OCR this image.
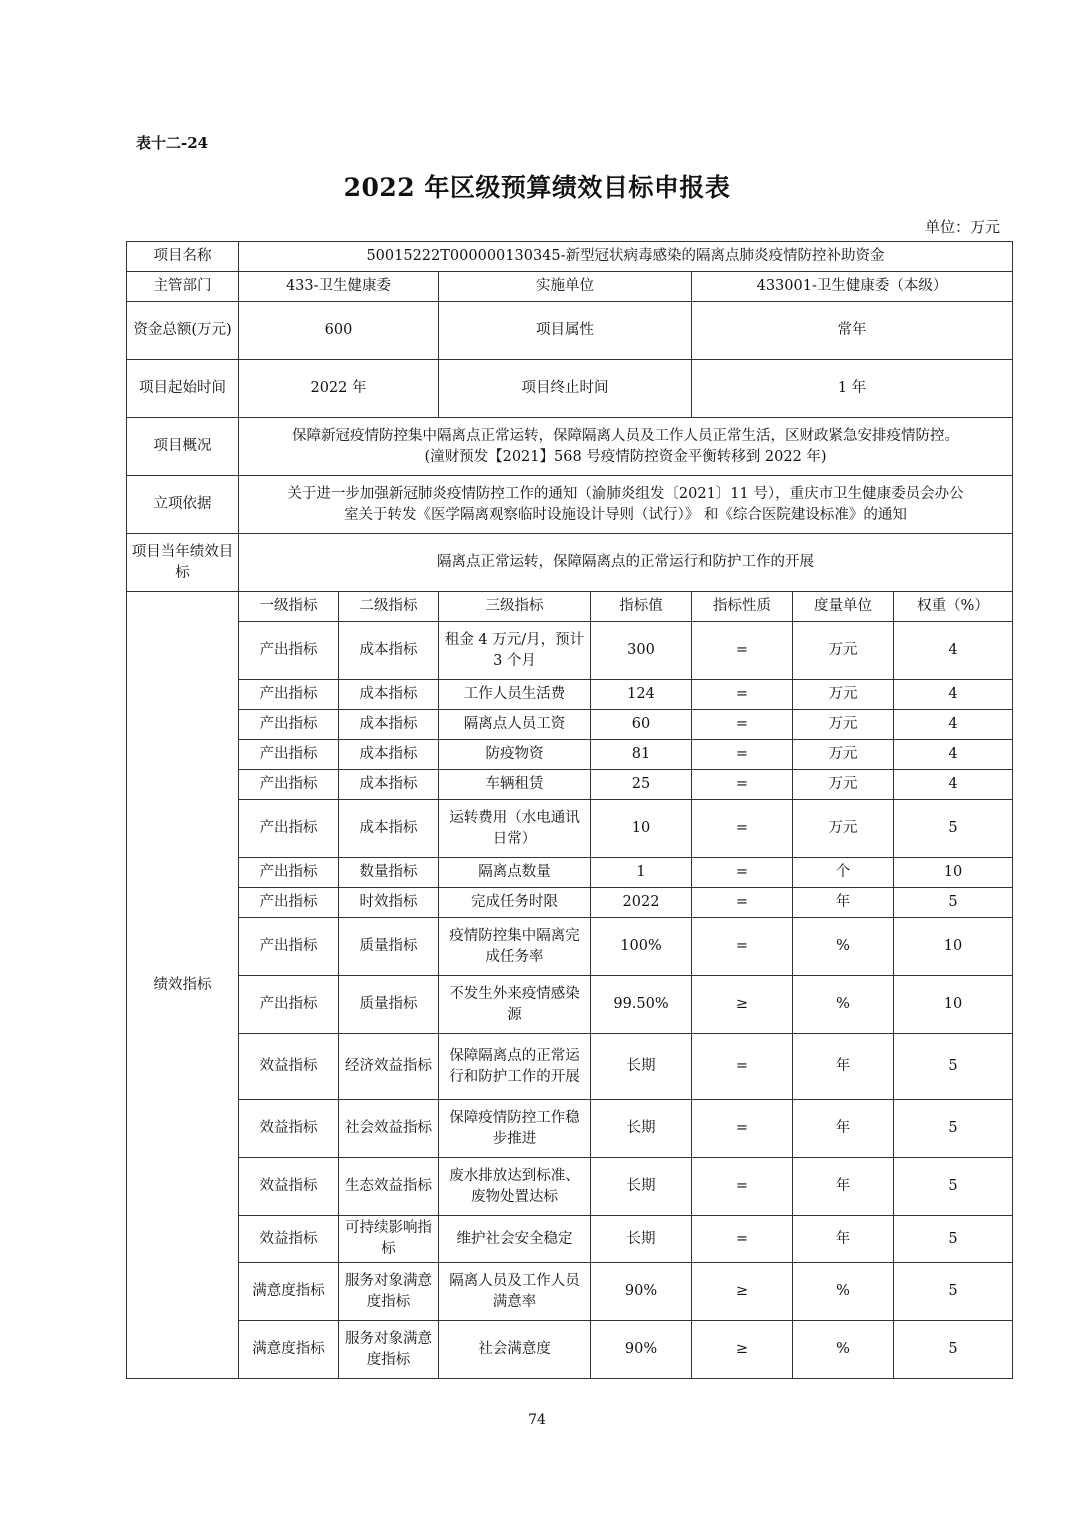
表十二-24
2022 年区级预算绩效目标申报表
单位：万元
项目名称	50015222T000000130345-新型冠状病毒感染的隔离点肺炎疫情防控补助资金						
主管部门	433-卫生健康委		实施单位		433001-卫生健康委（本级）		
资金总额(万元)	600		项目属性		常年		
项目起始时间	2022 年		项目终止时间		1 年		
项目概况	保障新冠疫情防控集中隔离点正常运转，保障隔离人员及工作人员正常生活，区财政紧急安排疫情防控。
(潼财预发【2021】568 号疫情防控资金平衡转移到 2022 年)						

立项依据	关于进一步加强新冠肺炎疫情防控工作的通知（渝肺炎组发〔2021〕11 号），重庆市卫生健康委员会办公
室关于转发《医学隔离观察临时设施设计导则（试行）》 和《综合医院建设标准》的通知						

项目当年绩效目标	隔离点正常运转，保障隔离点的正常运行和防护工作的开展						
绩效指标	一级指标	二级指标	三级指标	指标值	指标性质	度量单位	权重（%）
	产出指标	成本指标	租金 4 万元/月，预计 3 个月	300	=	万元	4
	产出指标	成本指标	工作人员生活费	124	=	万元	4
	产出指标	成本指标	隔离点人员工资	60	=	万元	4
	产出指标	成本指标	防疫物资	81	=	万元	4
	产出指标	成本指标	车辆租赁	25	=	万元	4
	产出指标	成本指标	运转费用（水电通讯日常）	10	=	万元	5
	产出指标	数量指标	隔离点数量	1	=	个	10
	产出指标	时效指标	完成任务时限	2022	=	年	5
	产出指标	质量指标	疫情防控集中隔离完成任务率	100%	=	%	10
	产出指标	质量指标	不发生外来疫情感染源	99.50%	≥	%	10
	效益指标	经济效益指标	保障隔离点的正常运行和防护工作的开展	长期	=	年	5
	效益指标	社会效益指标	保障疫情防控工作稳步推进	长期	=	年	5
	效益指标	生态效益指标	废水排放达到标准、废物处置达标	长期	=	年	5
	效益指标	可持续影响指标	维护社会安全稳定	长期	=	年	5
	满意度指标	服务对象满意度指标	隔离人员及工作人员满意率	90%	≥	%	5
	满意度指标	服务对象满意度指标	社会满意度	90%	≥	%	5
74
